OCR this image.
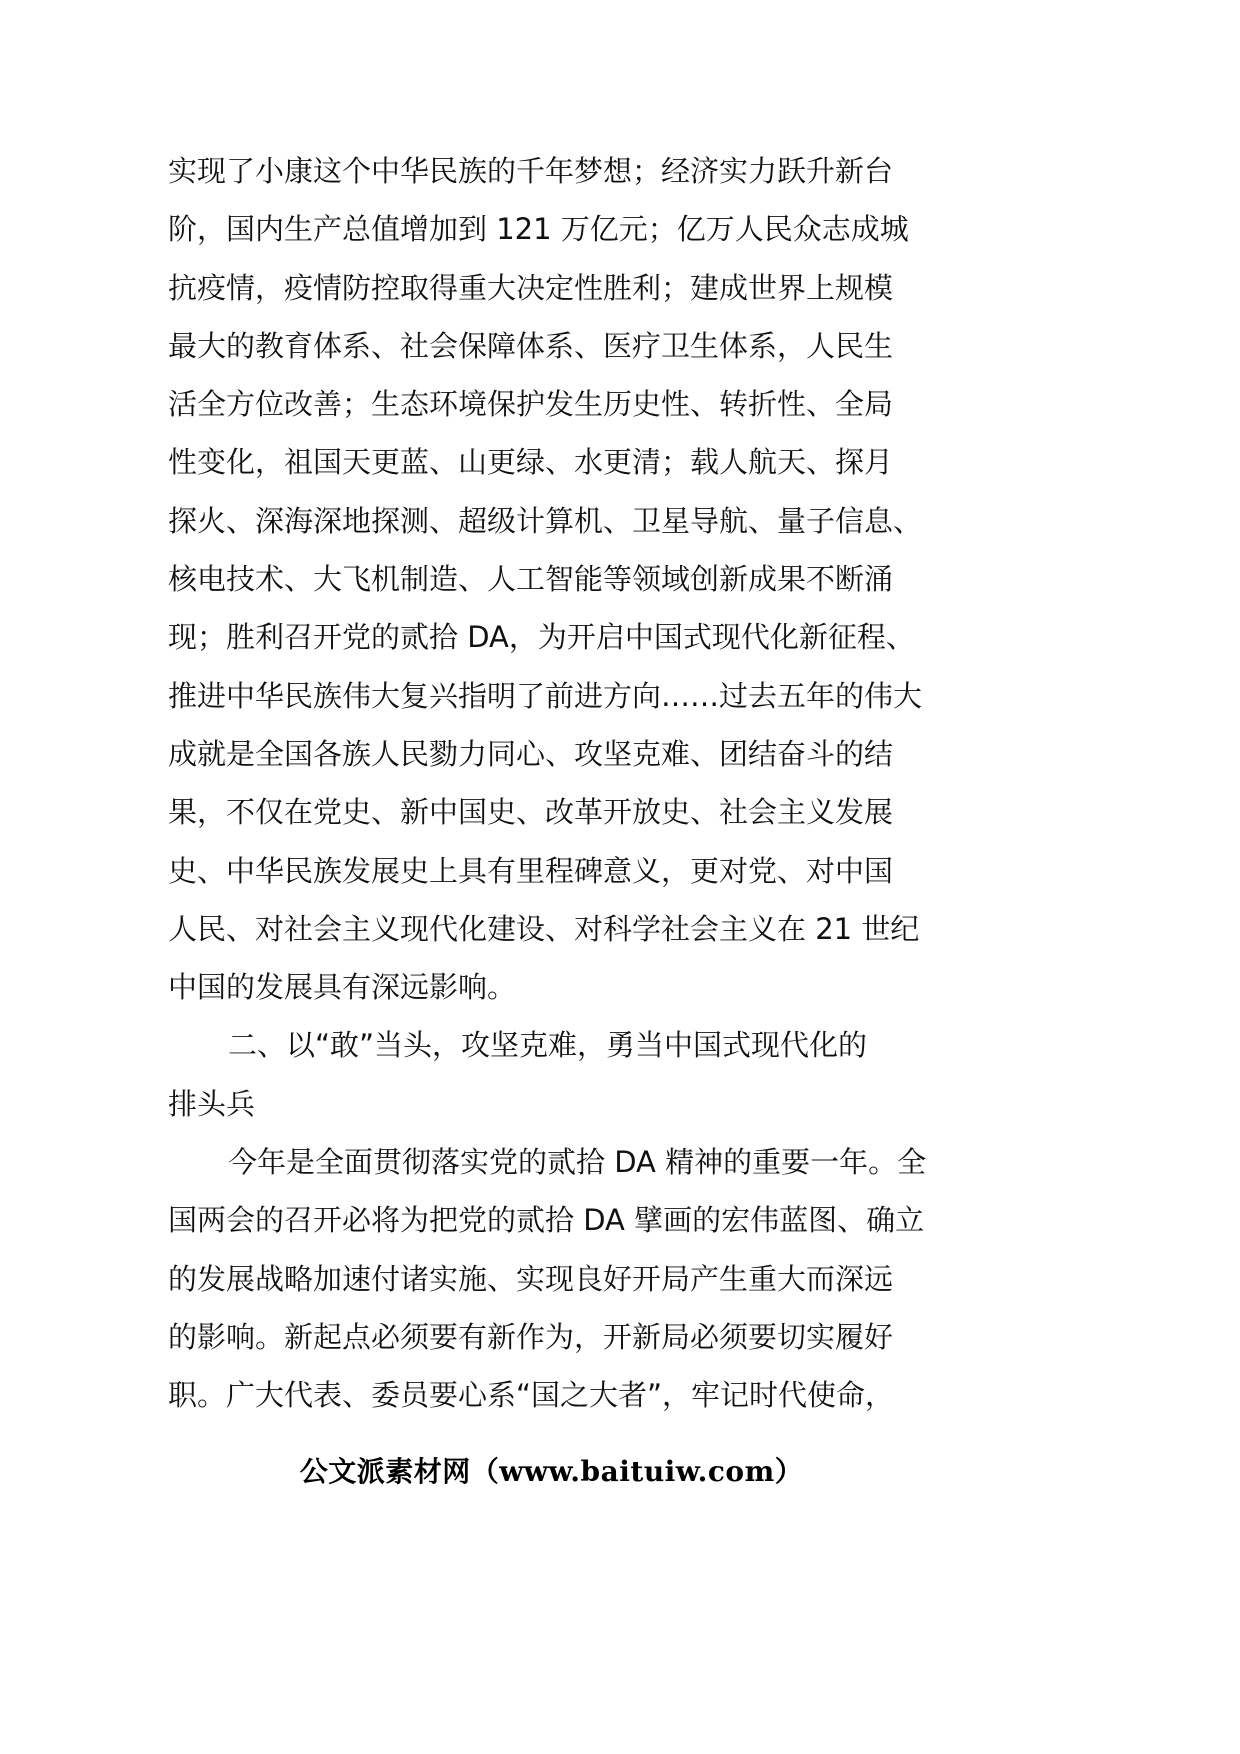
实现了小康这个中华民族的千年梦想；经济实力跃升新台
阶，国内生产总值增加到 121 万亿元；亿万人民众志成城
抗疫情，疫情防控取得重大决定性胜利；建成世界上规模
最大的教育体系、社会保障体系、医疗卫生体系，人民生
活全方位改善；生态环境保护发生历史性、转折性、全局
性变化，祖国天更蓝、山更绿、水更清；载人航天、探月
探火、深海深地探测、超级计算机、卫星导航、量子信息、
核电技术、大飞机制造、人工智能等领域创新成果不断涌
现；胜利召开党的贰拾 DA，为开启中国式现代化新征程、
推进中华民族伟大复兴指明了前进方向……过去五年的伟大
成就是全国各族人民勠力同心、攻坚克难、团结奋斗的结
果，不仅在党史、新中国史、改革开放史、社会主义发展
史、中华民族发展史上具有里程碑意义，更对党、对中国
人民、对社会主义现代化建设、对科学社会主义在 21 世纪
中国的发展具有深远影响。
二、以“敢”当头，攻坚克难，勇当中国式现代化的
排头兵
今年是全面贯彻落实党的贰拾 DA 精神的重要一年。全
国两会的召开必将为把党的贰拾 DA 擘画的宏伟蓝图、确立
的发展战略加速付诸实施、实现良好开局产生重大而深远
的影响。新起点必须要有新作为，开新局必须要切实履好
职。广大代表、委员要心系“国之大者”，牢记时代使命，
公文派素材网（www.baituiw.com）
